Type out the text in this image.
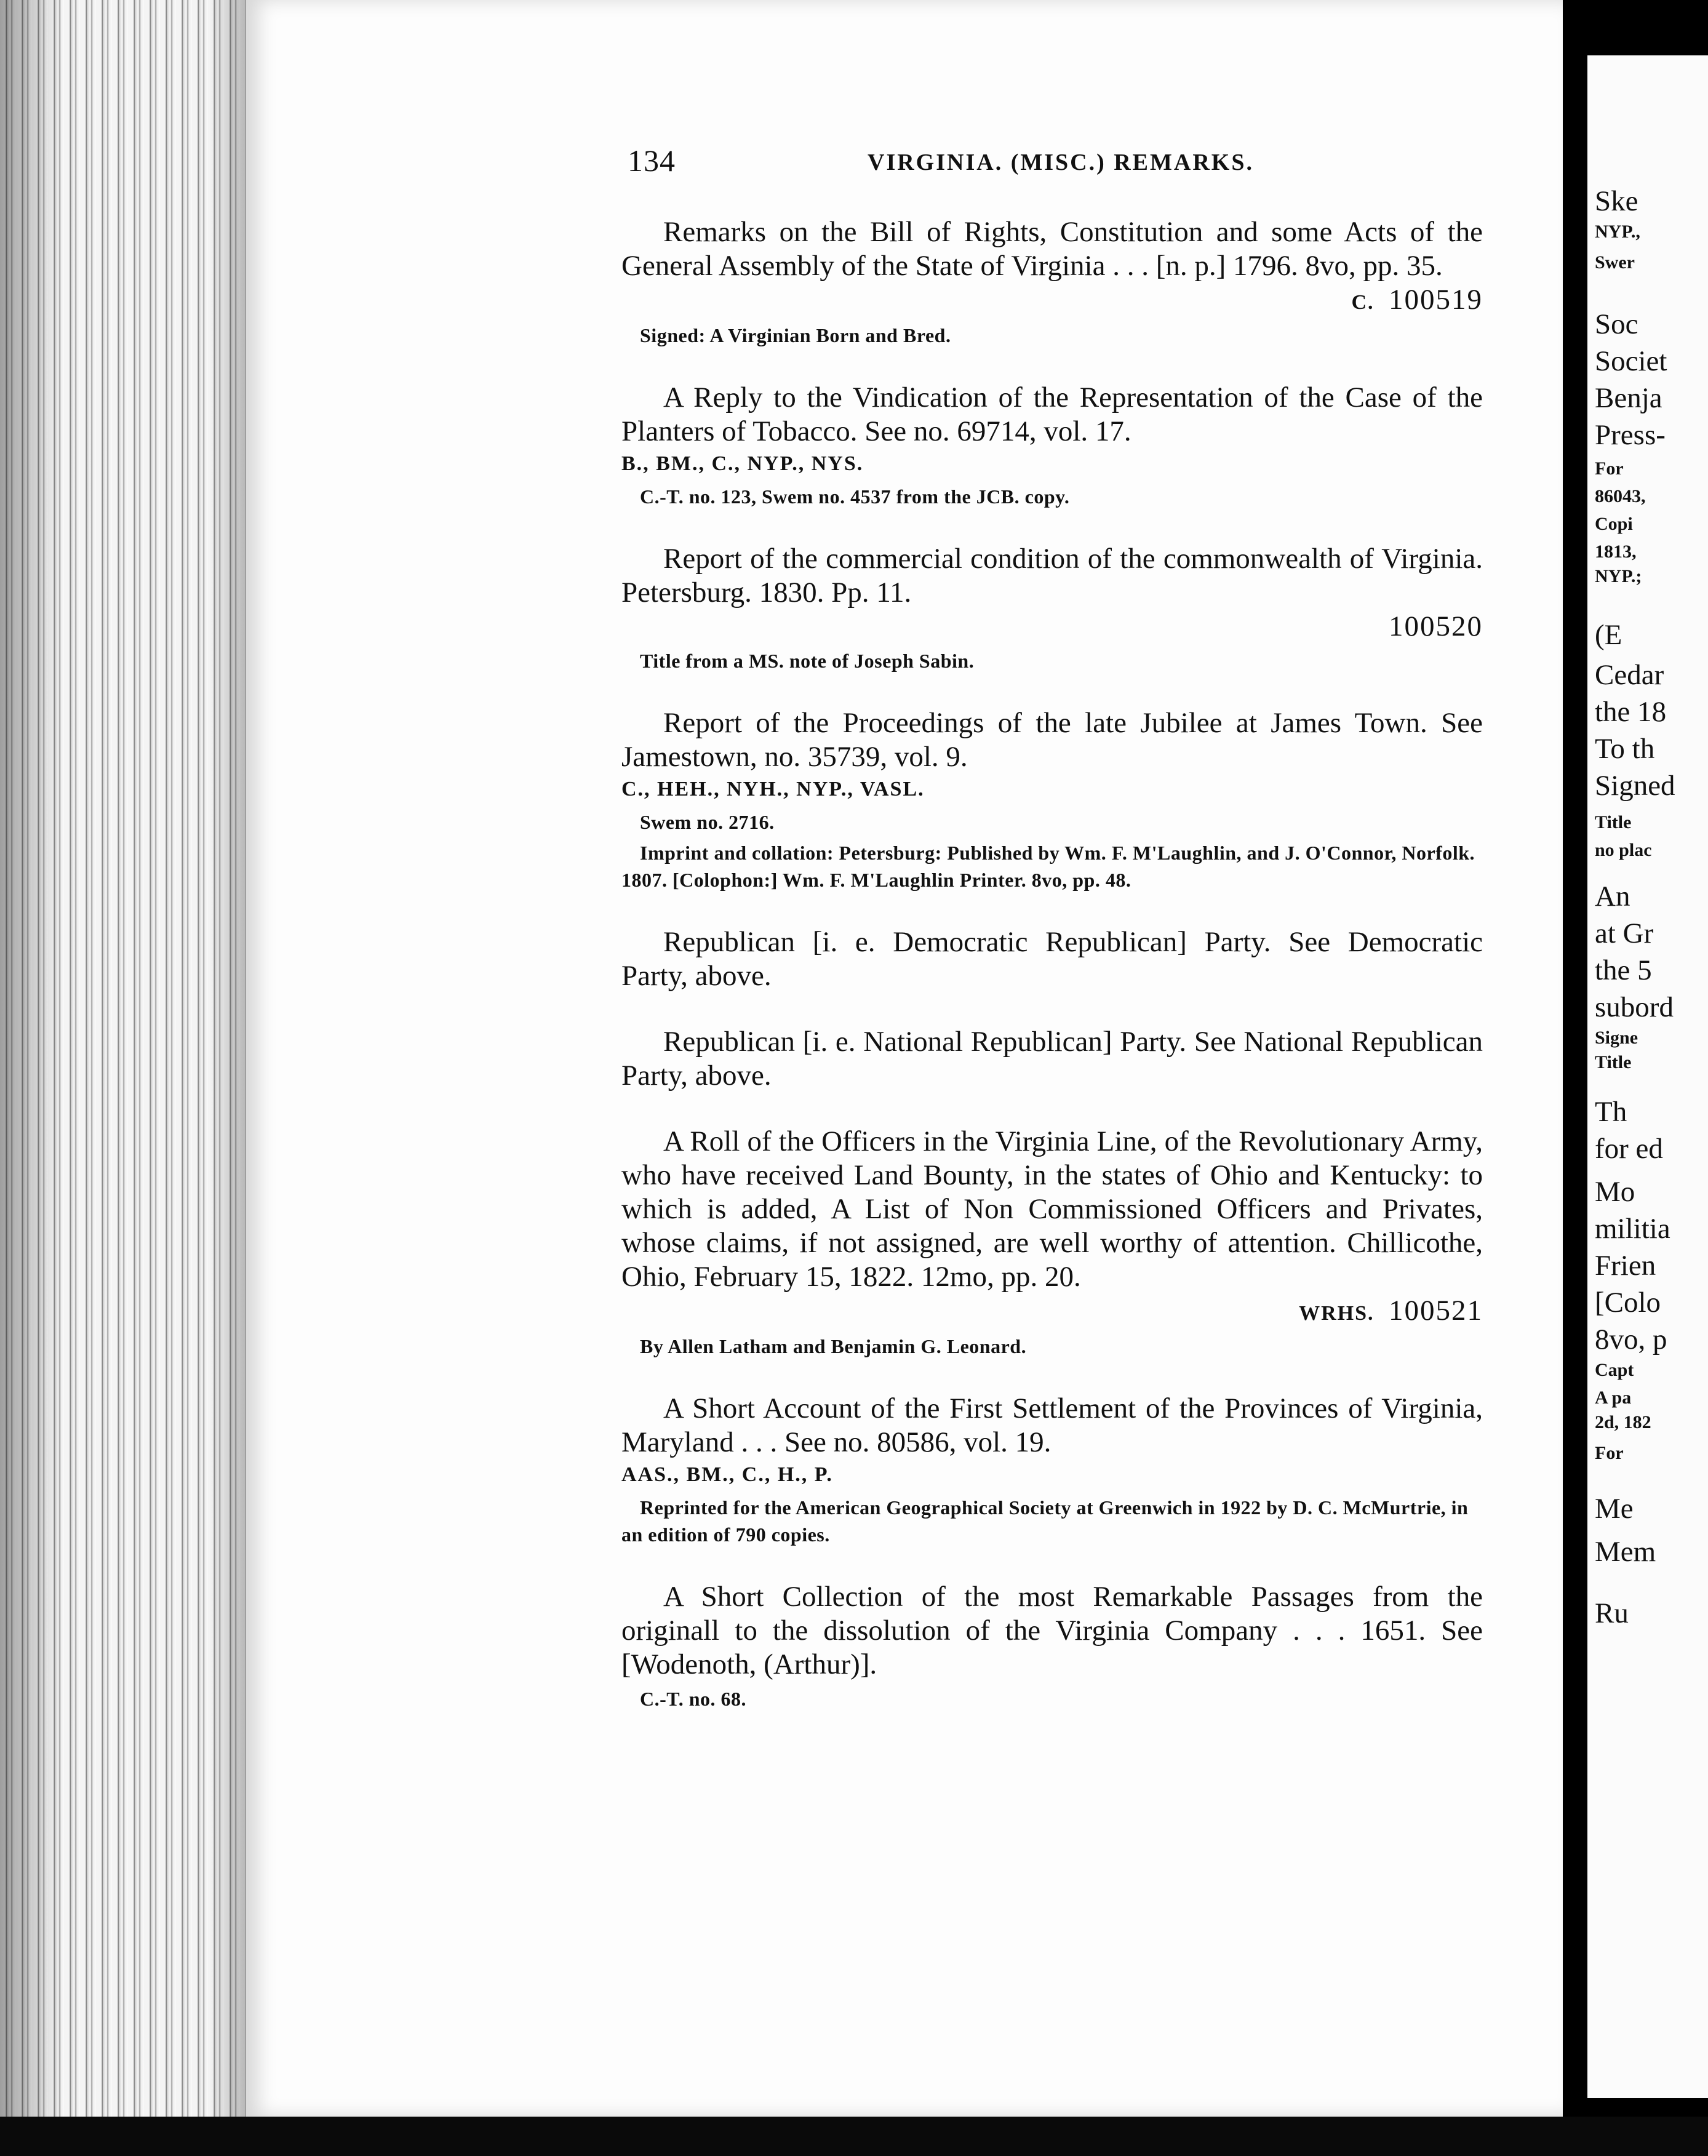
Ske
NYP.,
Swer
Soc
Societ
Benja
Press-
For
86043,
Copi
1813,
NYP.;
(E
Cedar
the 18
To th
Signed
Title
no plac
An
at Gr
the 5
subord
Signe
Title
Th
for ed
Mo
militia
Frien
[Colo
8vo, p
Capt
A pa
2d, 182
For
Me
Mem
Ru
134	VIRGINIA. (MISC.) REMARKS.

Remarks on the Bill of Rights, Constitution and some Acts of the General Assembly of the State of Virginia . . . [n. p.] 1796. 8vo, pp. 35.

C. 100519

Signed: A Virginian Born and Bred.

A Reply to the Vindication of the Representation of the Case of the Planters of Tobacco. See no. 69714, vol. 17.

B., BM., C., NYP., NYS.

C.-T. no. 123, Swem no. 4537 from the JCB. copy.

Report of the commercial condition of the commonwealth of Virginia. Petersburg. 1830. Pp. 11.

100520

Title from a MS. note of Joseph Sabin.

Report of the Proceedings of the late Jubilee at James Town. See Jamestown, no. 35739, vol. 9.

C., HEH., NYH., NYP., VASL.

Swem no. 2716.

Imprint and collation: Petersburg: Published by Wm. F. M'Laughlin, and J. O'Connor, Norfolk. 1807. [Colophon:] Wm. F. M'Laughlin Printer. 8vo, pp. 48.

Republican [i. e. Democratic Republican] Party. See Democratic Party, above.

Republican [i. e. National Republican] Party. See National Republican Party, above.

A Roll of the Officers in the Virginia Line, of the Revolutionary Army, who have received Land Bounty, in the states of Ohio and Kentucky: to which is added, A List of Non Commissioned Officers and Privates, whose claims, if not assigned, are well worthy of attention. Chillicothe, Ohio, February 15, 1822. 12mo, pp. 20.

WRHS. 100521

By Allen Latham and Benjamin G. Leonard.

A Short Account of the First Settlement of the Provinces of Virginia, Maryland . . . See no. 80586, vol. 19.

AAS., BM., C., H., P.

Reprinted for the American Geographical Society at Greenwich in 1922 by D. C. McMurtrie, in an edition of 790 copies.

A Short Collection of the most Remarkable Passages from the originall to the dissolution of the Virginia Company . . . 1651. See [Wodenoth, (Arthur)].

C.-T. no. 68.
